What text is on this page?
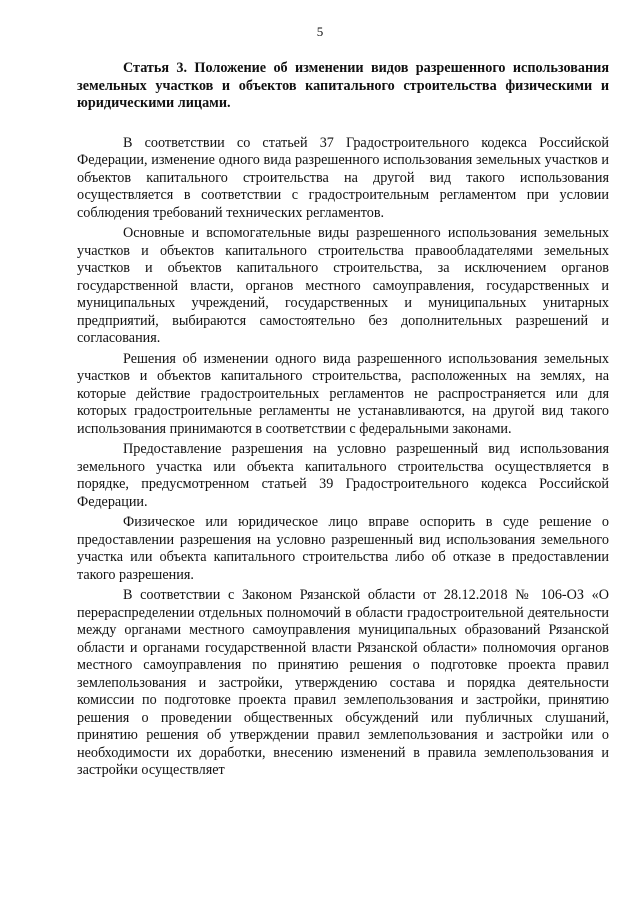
5

Статья 3. Положение об изменении видов разрешенного использования земельных участков и объектов капитального строительства физическими и юридическими лицами.

В соответствии со статьей 37 Градостроительного кодекса Российской Федерации, изменение одного вида разрешенного использования земельных участков и объектов капитального строительства на другой вид такого использования осуществляется в соответствии с градостроительным регламентом при условии соблюдения требований технических регламентов.

Основные и вспомогательные виды разрешенного использования земельных участков и объектов капитального строительства правообладателями земельных участков и объектов капитального строительства, за исключением органов государственной власти, органов местного самоуправления, государственных и муниципальных учреждений, государственных и муниципальных унитарных предприятий, выбираются самостоятельно без дополнительных разрешений и согласования.

Решения об изменении одного вида разрешенного использования земельных участков и объектов капитального строительства, расположенных на землях, на которые действие градостроительных регламентов не распространяется или для которых градостроительные регламенты не устанавливаются, на другой вид такого использования принимаются в соответствии с федеральными законами.

Предоставление разрешения на условно разрешенный вид использования земельного участка или объекта капитального строительства осуществляется в порядке, предусмотренном статьей 39 Градостроительного кодекса Российской Федерации.

Физическое или юридическое лицо вправе оспорить в суде решение о предоставлении разрешения на условно разрешенный вид использования земельного участка или объекта капитального строительства либо об отказе в предоставлении такого разрешения.

В соответствии с Законом Рязанской области от 28.12.2018 № 106-ОЗ «О перераспределении отдельных полномочий в области градостроительной деятельности между органами местного самоуправления муниципальных образований Рязанской области и органами государственной власти Рязанской области» полномочия органов местного самоуправления по принятию решения о подготовке проекта правил землепользования и застройки, утверждению состава и порядка деятельности комиссии по подготовке проекта правил землепользования и застройки, принятию решения о проведении общественных обсуждений или публичных слушаний, принятию решения об утверждении правил землепользования и застройки или о необходимости их доработки, внесению изменений в правила землепользования и застройки осуществляет
